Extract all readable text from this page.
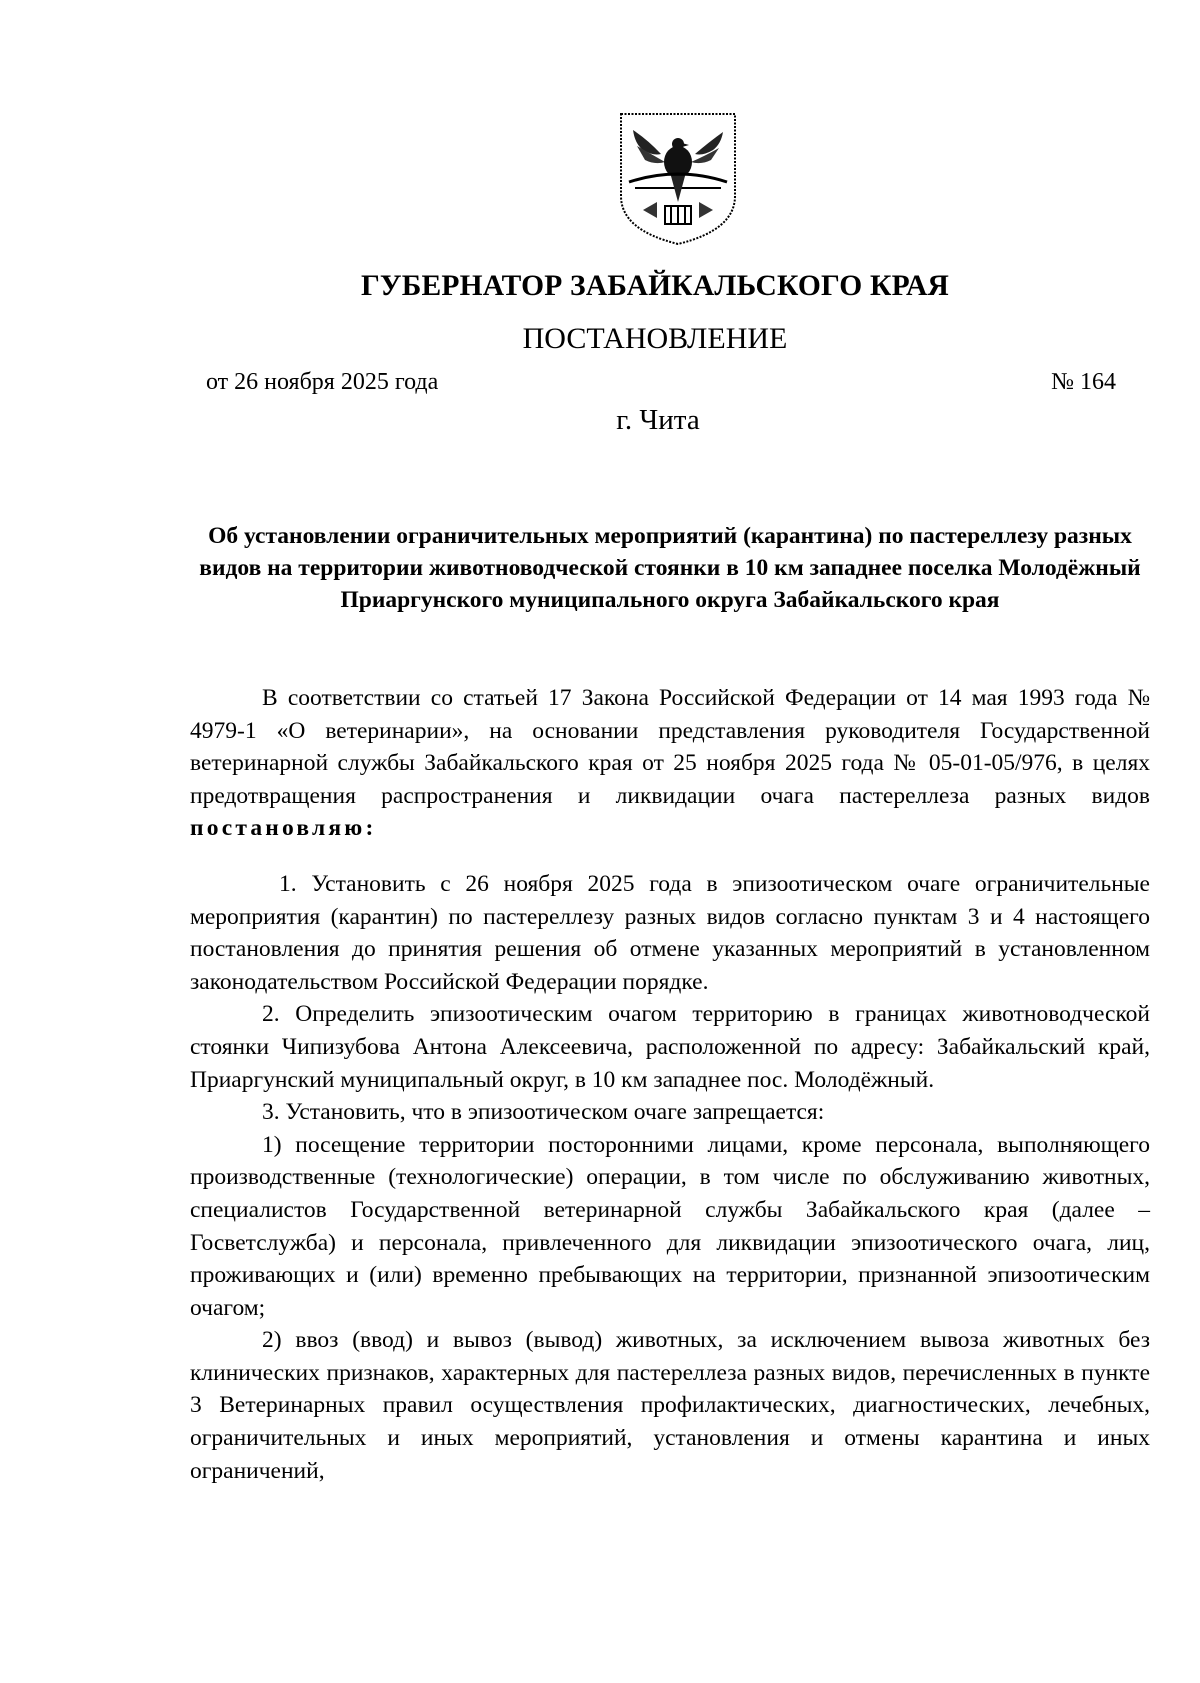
ГУБЕРНАТОР ЗАБАЙКАЛЬСКОГО КРАЯ
ПОСТАНОВЛЕНИЕ
от 26 ноября 2025 года	№ 164
г. Чита
Об установлении ограничительных мероприятий (карантина) по пастереллезу разных видов на территории животноводческой стоянки в 10 км западнее поселка Молодёжный Приаргунского муниципального округа Забайкальского края

В соответствии со статьей 17 Закона Российской Федерации от 14 мая 1993 года № 4979-1 «О ветеринарии», на основании представления руководителя Государственной ветеринарной службы Забайкальского края от 25 ноября 2025 года № 05-01-05/976, в целях предотвращения распространения и ликвидации очага пастереллеза разных видов постановляю:

1. Установить с 26 ноября 2025 года в эпизоотическом очаге ограничительные мероприятия (карантин) по пастереллезу разных видов согласно пунктам 3 и 4 настоящего постановления до принятия решения об отмене указанных мероприятий в установленном законодательством Российской Федерации порядке.

2. Определить эпизоотическим очагом территорию в границах животноводческой стоянки Чипизубова Антона Алексеевича, расположенной по адресу: Забайкальский край, Приаргунский муниципальный округ, в 10 км западнее пос. Молодёжный.

3. Установить, что в эпизоотическом очаге запрещается:

1) посещение территории посторонними лицами, кроме персонала, выполняющего производственные (технологические) операции, в том числе по обслуживанию животных, специалистов Государственной ветеринарной службы Забайкальского края (далее – Госветслужба) и персонала, привлеченного для ликвидации эпизоотического очага, лиц, проживающих и (или) временно пребывающих на территории, признанной эпизоотическим очагом;

2) ввоз (ввод) и вывоз (вывод) животных, за исключением вывоза животных без клинических признаков, характерных для пастереллеза разных видов, перечисленных в пункте 3 Ветеринарных правил осуществления профилактических, диагностических, лечебных, ограничительных и иных мероприятий, установления и отмены карантина и иных ограничений,
